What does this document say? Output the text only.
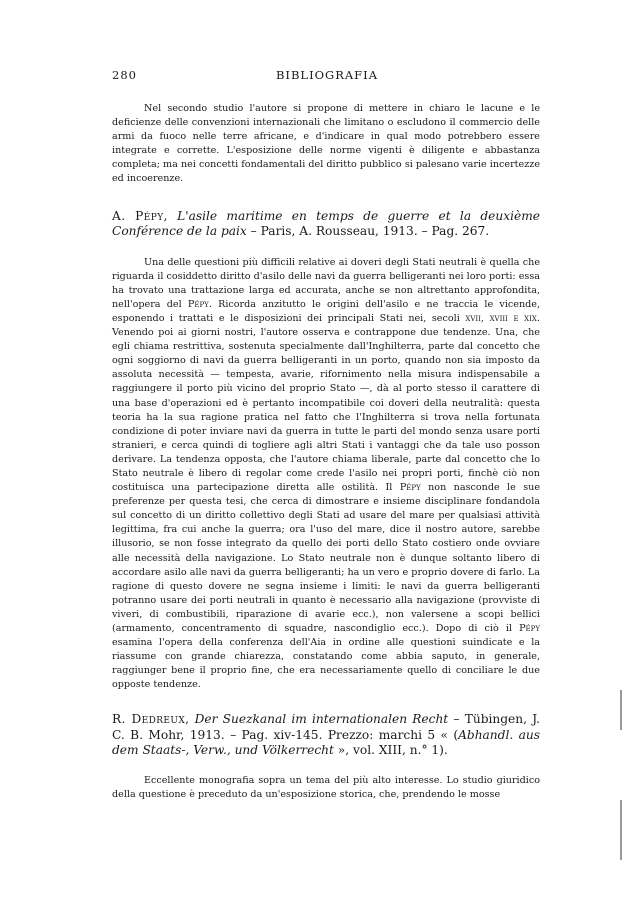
280	BIBLIOGRAFIA

Nel secondo studio l'autore si propone di mettere in chiaro le lacune e le deficienze delle convenzioni internazionali che limitano o escludono il commercio delle armi da fuoco nelle terre africane, e d'indicare in qual modo potrebbero essere integrate e corrette. L'esposizione delle norme vigenti è diligente e abbastanza completa; ma nei concetti fondamentali del diritto pubblico si palesano varie incertezze ed incoerenze.

A. Pépy, L'asile maritime en temps de guerre et la deuxième Conférence de la paix – Paris, A. Rousseau, 1913. – Pag. 267.

Una delle questioni più difficili relative ai doveri degli Stati neutrali è quella che riguarda il cosiddetto diritto d'asilo delle navi da guerra belligeranti nei loro porti: essa ha trovato una trattazione larga ed accurata, anche se non altrettanto approfondita, nell'opera del Pépy. Ricorda anzitutto le origini dell'asilo e ne traccia le vicende, esponendo i trattati e le disposizioni dei principali Stati nei, secoli xvii, xviii e xix. Venendo poi ai giorni nostri, l'autore osserva e contrappone due tendenze. Una, che egli chiama restrittiva, sostenuta specialmente dall'Inghilterra, parte dal concetto che ogni soggiorno di navi da guerra belligeranti in un porto, quando non sia imposto da assoluta necessità — tempesta, avarie, rifornimento nella misura indispensabile a raggiungere il porto più vicino del proprio Stato —, dà al porto stesso il carattere di una base d'operazioni ed è pertanto incompatibile coi doveri della neutralità: questa teoria ha la sua ragione pratica nel fatto che l'Inghilterra si trova nella fortunata condizione di poter inviare navi da guerra in tutte le parti del mondo senza usare porti stranieri, e cerca quindi di togliere agli altri Stati i vantaggi che da tale uso posson derivare. La tendenza opposta, che l'autore chiama liberale, parte dal concetto che lo Stato neutrale è libero di regolar come crede l'asilo nei propri porti, finchè ciò non costituisca una partecipazione diretta alle ostilità. Il Pépy non nasconde le sue preferenze per questa tesi, che cerca di dimostrare e insieme disciplinare fondandola sul concetto di un diritto collettivo degli Stati ad usare del mare per qualsiasi attività legittima, fra cui anche la guerra; ora l'uso del mare, dice il nostro autore, sarebbe illusorio, se non fosse integrato da quello dei porti dello Stato costiero onde ovviare alle necessità della navigazione. Lo Stato neutrale non è dunque soltanto libero di accordare asilo alle navi da guerra belligeranti; ha un vero e proprio dovere di farlo. La ragione di questo dovere ne segna insieme i limiti: le navi da guerra belligeranti potranno usare dei porti neutrali in quanto è necessario alla navigazione (provviste di viveri, di combustibili, riparazione di avarie ecc.), non valersene a scopi bellici (armamento, concentramento di squadre, nascondiglio ecc.). Dopo di ciò il Pépy esamina l'opera della conferenza dell'Aia in ordine alle questioni suindicate e la riassume con grande chiarezza, constatando come abbia saputo, in generale, raggiunger bene il proprio fine, che era necessariamente quello di conciliare le due opposte tendenze.

R. Dedreux, Der Suezkanal im internationalen Recht – Tübingen, J. C. B. Mohr, 1913. – Pag. xiv-145. Prezzo: marchi 5 « (Abhandl. aus dem Staats-, Verw., und Völkerrecht », vol. XIII, n.° 1).

Eccellente monografia sopra un tema del più alto interesse. Lo studio giuridico della questione è preceduto da un'esposizione storica, che, prendendo le mosse
